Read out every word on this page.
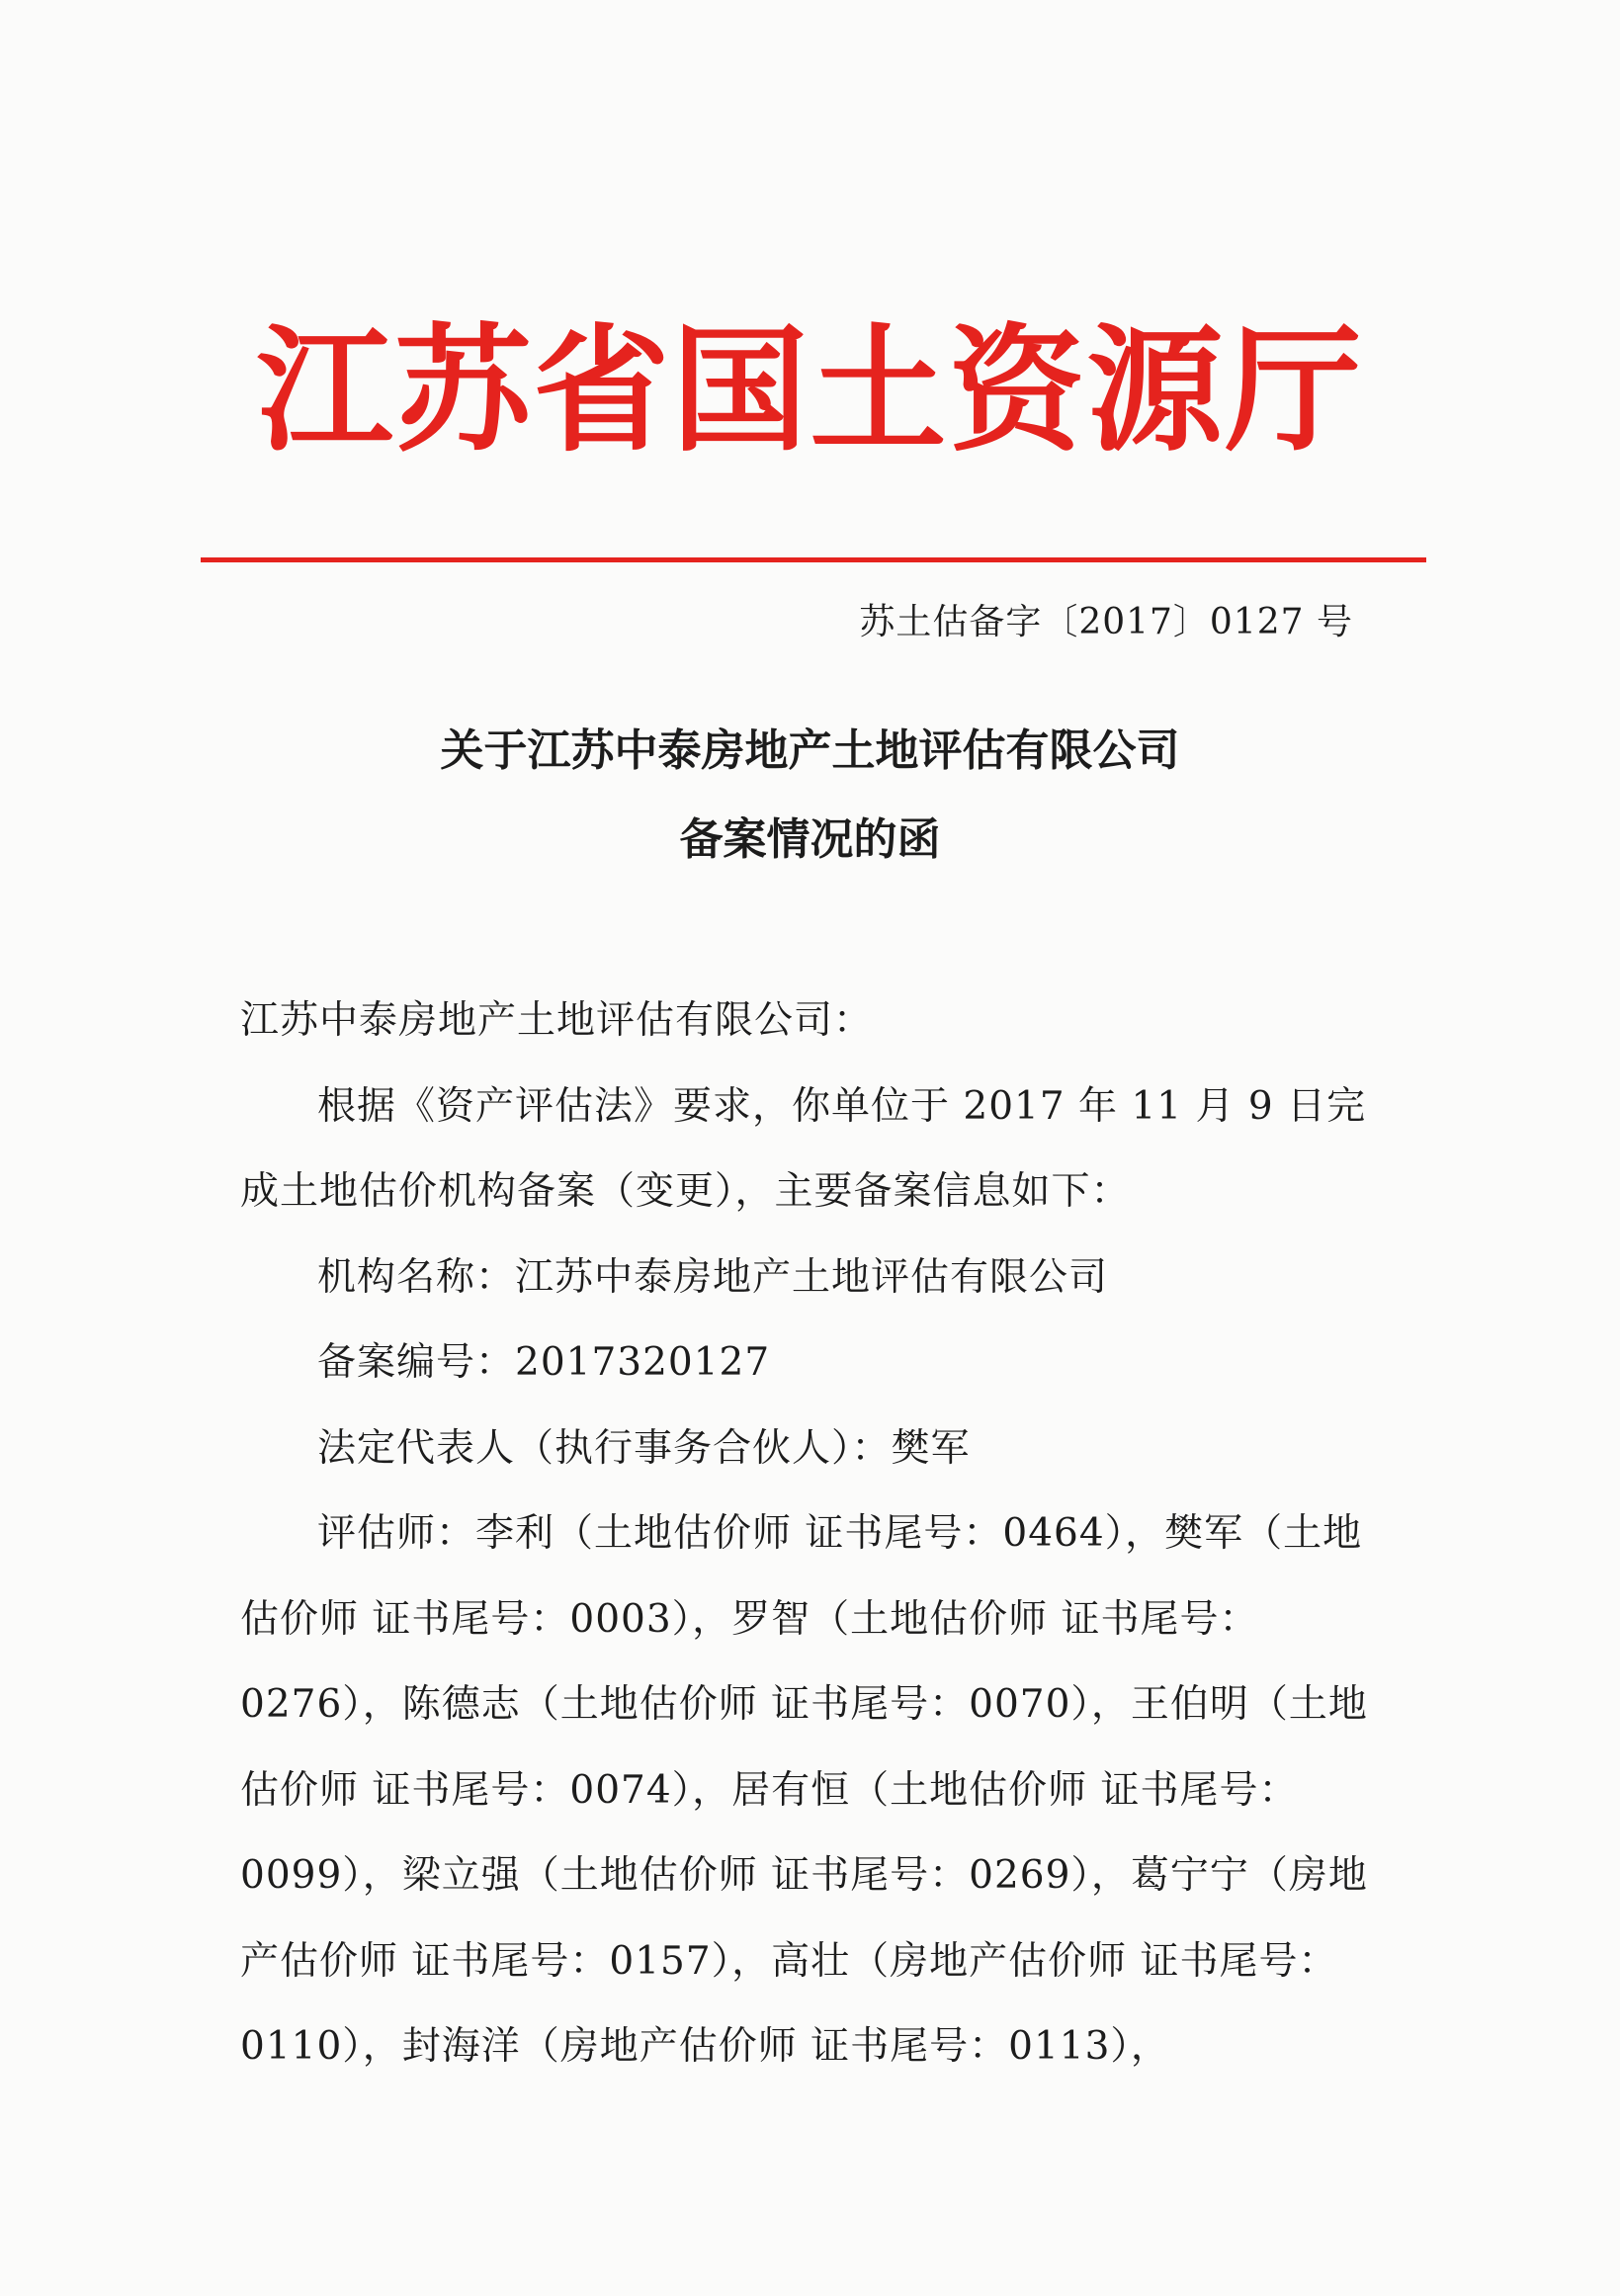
江苏省国土资源厅
苏土估备字〔2017〕0127 号
关于江苏中泰房地产土地评估有限公司
备案情况的函

江苏中泰房地产土地评估有限公司：

根据《资产评估法》要求，你单位于 2017 年 11 月 9 日完成土地估价机构备案（变更），主要备案信息如下：

机构名称：江苏中泰房地产土地评估有限公司

备案编号：2017320127

法定代表人（执行事务合伙人）：樊军

评估师：李利（土地估价师 证书尾号：0464），樊军（土地估价师 证书尾号：0003），罗智（土地估价师 证书尾号：0276），陈德志（土地估价师 证书尾号：0070），王伯明（土地估价师 证书尾号：0074），居有恒（土地估价师 证书尾号：0099），梁立强（土地估价师 证书尾号：0269），葛宁宁（房地产估价师 证书尾号：0157），高壮（房地产估价师 证书尾号：0110），封海洋（房地产估价师 证书尾号：0113），
